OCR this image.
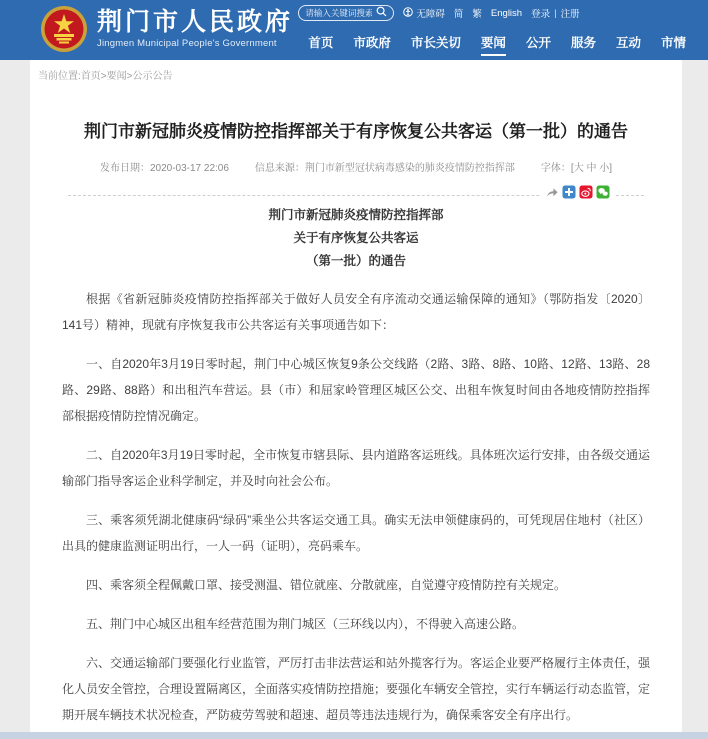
荆门市人民政府
Jingmen Municipal People's Government
请输入关键词搜索
无障碍 简 繁 English 登录 | 注册
首页	市政府	市长关切	要闻	公开	服务	互动	市情
当前位置:首页>要闻>公示公告
荆门市新冠肺炎疫情防控指挥部关于有序恢复公共客运（第一批）的通告
发布日期：2020-03-17 22:06	信息来源：荆门市新型冠状病毒感染的肺炎疫情防控指挥部	字体：[大 中 小]
荆门市新冠肺炎疫情防控指挥部
关于有序恢复公共客运
（第一批）的通告

根据《省新冠肺炎疫情防控指挥部关于做好人员安全有序流动交通运输保障的通知》（鄂防指发〔2020〕141号）精神，现就有序恢复我市公共客运有关事项通告如下：

一、自2020年3月19日零时起，荆门中心城区恢复9条公交线路（2路、3路、8路、10路、12路、13路、28路、29路、88路）和出租汽车营运。县（市）和屈家岭管理区城区公交、出租车恢复时间由各地疫情防控指挥部根据疫情防控情况确定。

二、自2020年3月19日零时起，全市恢复市辖县际、县内道路客运班线。具体班次运行安排，由各级交通运输部门指导客运企业科学制定，并及时向社会公布。

三、乘客须凭湖北健康码“绿码”乘坐公共客运交通工具。确实无法申领健康码的，可凭现居住地村（社区）出具的健康监测证明出行，一人一码（证明），亮码乘车。

四、乘客须全程佩戴口罩、接受测温、错位就座、分散就座，自觉遵守疫情防控有关规定。

五、荆门中心城区出租车经营范围为荆门城区（三环线以内），不得驶入高速公路。

六、交通运输部门要强化行业监管，严厉打击非法营运和站外揽客行为。客运企业要严格履行主体责任，强化人员安全管控，合理设置隔离区，全面落实疫情防控措施；要强化车辆安全管控，实行车辆运行动态监管，定期开展车辆技术状况检查，严防疲劳驾驶和超速、超员等违法违规行为，确保乘客安全有序出行。
